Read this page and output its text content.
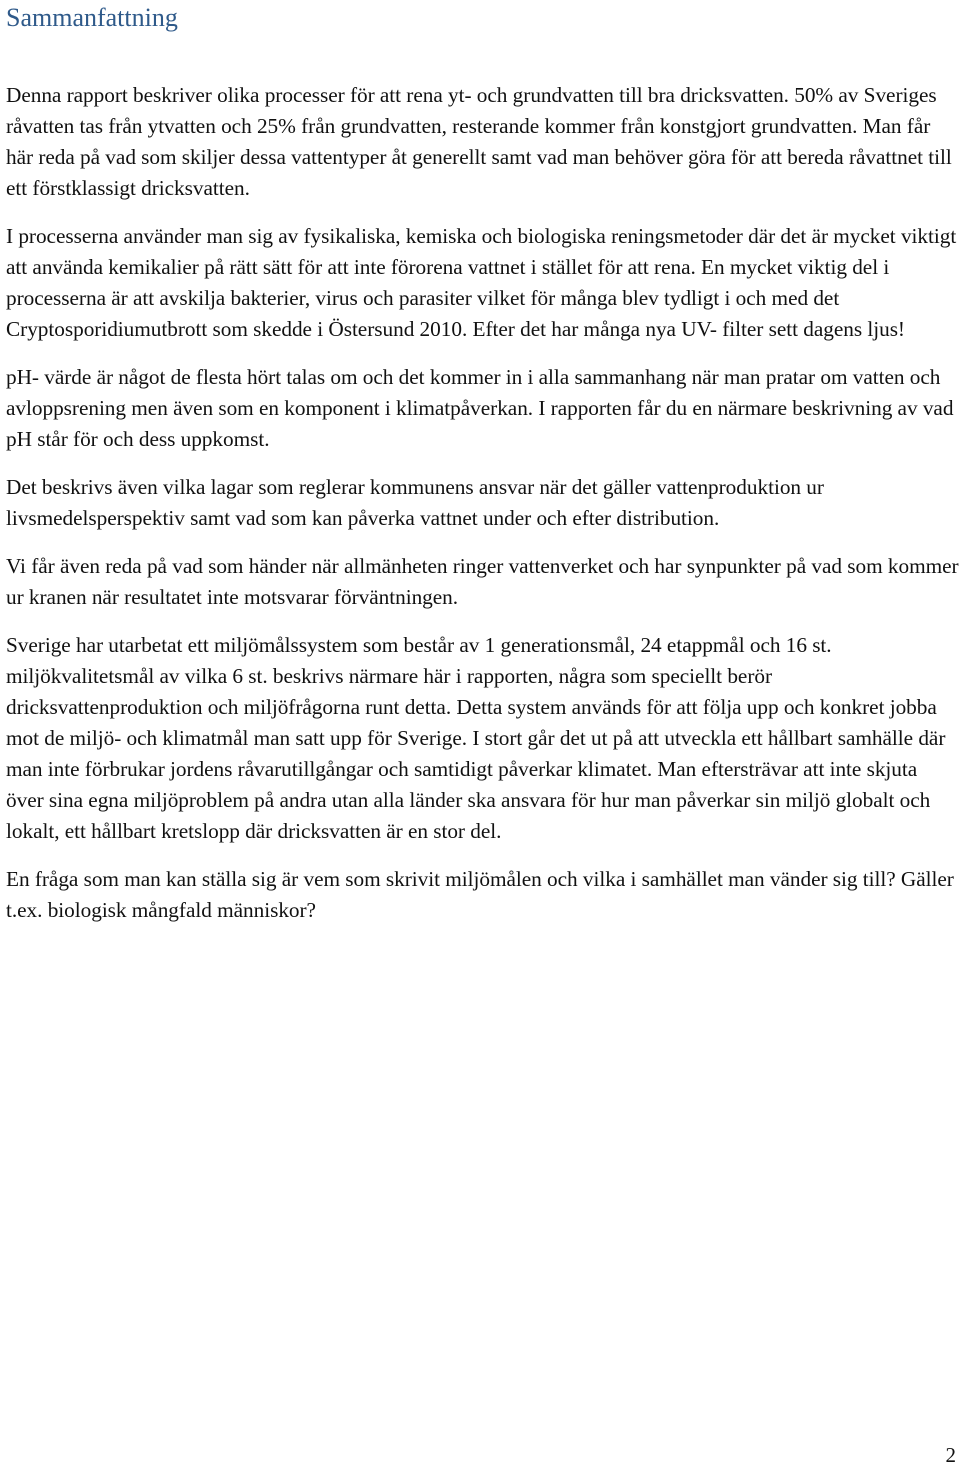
Sammanfattning

Denna rapport beskriver olika processer för att rena yt- och grundvatten till bra dricksvatten. 50% av Sveriges råvatten tas från ytvatten och 25% från grundvatten, resterande kommer från konstgjort grundvatten. Man får här reda på vad som skiljer dessa vattentyper åt generellt samt vad man behöver göra för att bereda råvattnet till ett förstklassigt dricksvatten.

I processerna använder man sig av fysikaliska, kemiska och biologiska reningsmetoder där det är mycket viktigt att använda kemikalier på rätt sätt för att inte förorena vattnet i stället för att rena. En mycket viktig del i processerna är att avskilja bakterier, virus och parasiter vilket för många blev tydligt i och med det Cryptosporidiumutbrott som skedde i Östersund 2010. Efter det har många nya UV- filter sett dagens ljus!

pH- värde är något de flesta hört talas om och det kommer in i alla sammanhang när man pratar om vatten och avloppsrening men även som en komponent i klimatpåverkan. I rapporten får du en närmare beskrivning av vad pH står för och dess uppkomst.

Det beskrivs även vilka lagar som reglerar kommunens ansvar när det gäller vattenproduktion ur livsmedelsperspektiv samt vad som kan påverka vattnet under och efter distribution.

Vi får även reda på vad som händer när allmänheten ringer vattenverket och har synpunkter på vad som kommer ur kranen när resultatet inte motsvarar förväntningen.

Sverige har utarbetat ett miljömålssystem som består av 1 generationsmål, 24 etappmål och 16 st. miljökvalitetsmål av vilka 6 st. beskrivs närmare här i rapporten, några som speciellt berör dricksvattenproduktion och miljöfrågorna runt detta. Detta system används för att följa upp och konkret jobba mot de miljö- och klimatmål man satt upp för Sverige. I stort går det ut på att utveckla ett hållbart samhälle där man inte förbrukar jordens råvarutillgångar och samtidigt påverkar klimatet. Man eftersträvar att inte skjuta över sina egna miljöproblem på andra utan alla länder ska ansvara för hur man påverkar sin miljö globalt och lokalt, ett hållbart kretslopp där dricksvatten är en stor del.

En fråga som man kan ställa sig är vem som skrivit miljömålen och vilka i samhället man vänder sig till? Gäller t.ex. biologisk mångfald människor?

2
